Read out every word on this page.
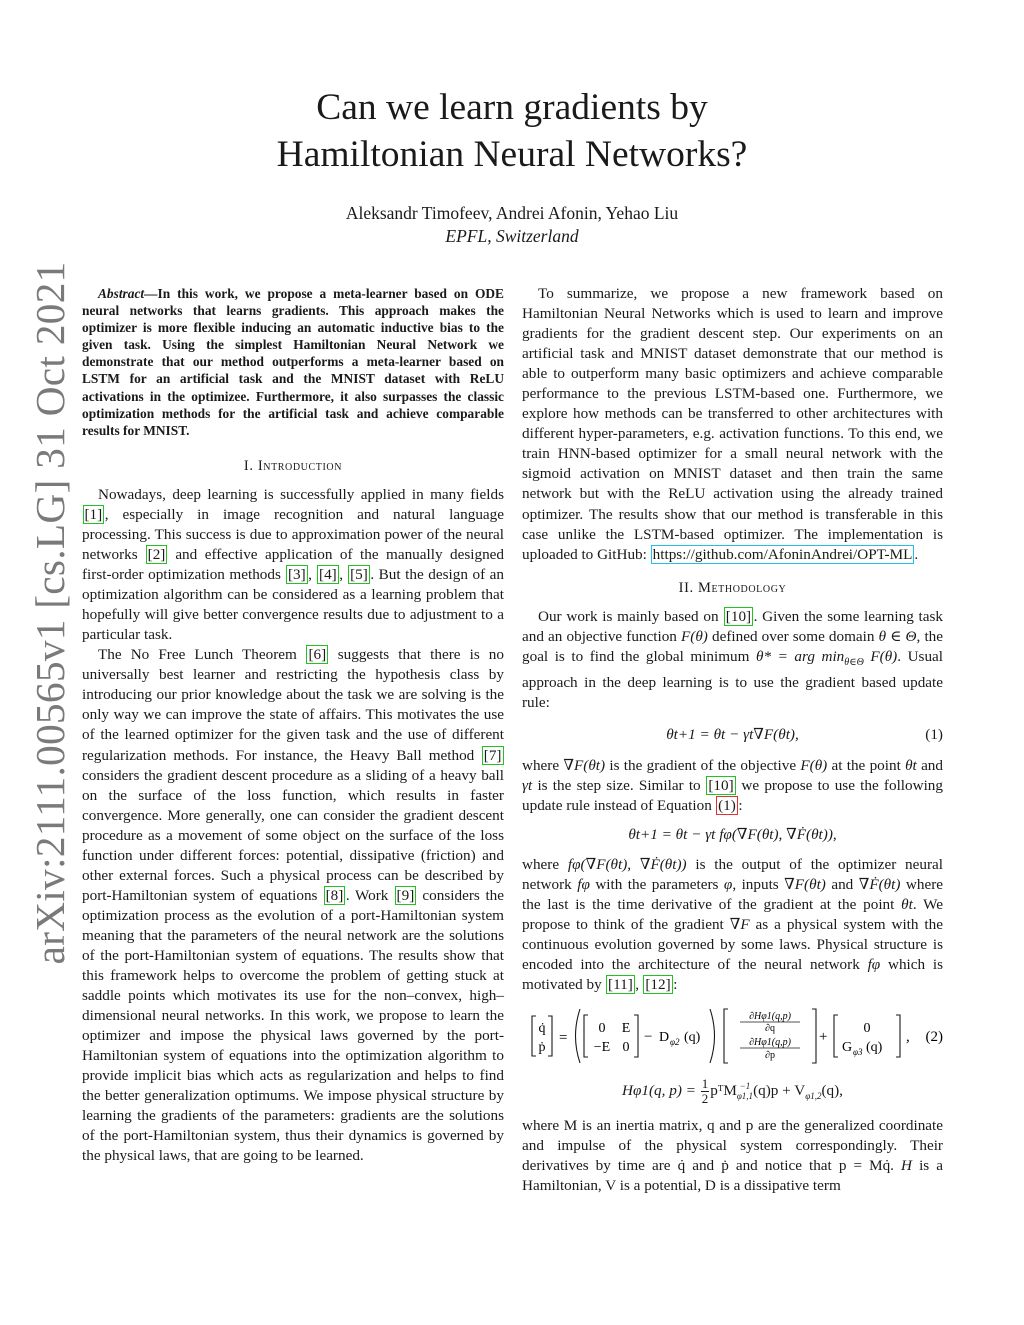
arXiv:2111.00565v1 [cs.LG] 31 Oct 2021
Can we learn gradients by
Hamiltonian Neural Networks?
Aleksandr Timofeev, Andrei Afonin, Yehao Liu
EPFL, Switzerland

Abstract—In this work, we propose a meta-learner based on ODE neural networks that learns gradients. This approach makes the optimizer is more flexible inducing an automatic inductive bias to the given task. Using the simplest Hamiltonian Neural Network we demonstrate that our method outperforms a meta-learner based on LSTM for an artificial task and the MNIST dataset with ReLU activations in the optimizee. Furthermore, it also surpasses the classic optimization methods for the artificial task and achieve comparable results for MNIST.

I. Introduction

Nowadays, deep learning is successfully applied in many fields [1] , especially in image recognition and natural language processing. This success is due to approximation power of the neural networks [2] and effective application of the manually designed first-order optimization methods [3] , [4] , [5] . But the design of an optimization algorithm can be considered as a learning problem that hopefully will give better convergence results due to adjustment to a particular task.

The No Free Lunch Theorem [6] suggests that there is no universally best learner and restricting the hypothesis class by introducing our prior knowledge about the task we are solving is the only way we can improve the state of affairs. This motivates the use of the learned optimizer for the given task and the use of different regularization methods. For instance, the Heavy Ball method [7] considers the gradient descent procedure as a sliding of a heavy ball on the surface of the loss function, which results in faster convergence. More generally, one can consider the gradient descent procedure as a movement of some object on the surface of the loss function under different forces: potential, dissipative (friction) and other external forces. Such a physical process can be described by port-Hamiltonian system of equations [8] . Work [9] considers the optimization process as the evolution of a port-Hamiltonian system meaning that the parameters of the neural network are the solutions of the port-Hamiltonian system of equations. The results show that this framework helps to overcome the problem of getting stuck at saddle points which motivates its use for the non–convex, high–dimensional neural networks. In this work, we propose to learn the optimizer and impose the physical laws governed by the port-Hamiltonian system of equations into the optimization algorithm to provide implicit bias which acts as regularization and helps to find the better generalization optimums. We impose physical structure by learning the gradients of the parameters: gradients are the solutions of the port-Hamiltonian system, thus their dynamics is governed by the physical laws, that are going to be learned.

To summarize, we propose a new framework based on Hamiltonian Neural Networks which is used to learn and improve gradients for the gradient descent step. Our experiments on an artificial task and MNIST dataset demonstrate that our method is able to outperform many basic optimizers and achieve comparable performance to the previous LSTM-based one. Furthermore, we explore how methods can be transferred to other architectures with different hyper-parameters, e.g. activation functions. To this end, we train HNN-based optimizer for a small neural network with the sigmoid activation on MNIST dataset and then train the same network but with the ReLU activation using the already trained optimizer. The results show that our method is transferable in this case unlike the LSTM-based optimizer. The implementation is uploaded to GitHub: https://github.com/AfoninAndrei/OPT-ML .

II. Methodology

Our work is mainly based on [10] . Given the some learning task and an objective function F(θ) defined over some domain θ ∈ Θ, the goal is to find the global minimum θ* = arg $\min_{\theta\in\Theta} F(\theta)$. Usual approach in the deep learning is to use the gradient based update rule:

θt+1 = θt − γt∇F(θt),	(1)

where ∇F(θt) is the gradient of the objective F(θ) at the point θt and γt is the step size. Similar to [10] we propose to use the following update rule instead of Equation (1) :

θt+1 = θt − γt fφ(∇F(θt), ∇Ḟ(θt)),

where fφ(∇F(θt), ∇Ḟ(θt)) is the output of the optimizer neural network fφ with the parameters φ, inputs ∇F(θt) and ∇Ḟ(θt) where the last is the time derivative of the gradient at the point θt. We propose to think of the gradient ∇F as a physical system with the continuous evolution governed by some laws. Physical structure is encoded into the architecture of the neural network fφ which is motivated by [11] , [12] :

q̇
ṗ
=
0 E
−E 0
− D φ2 (q)
∂Hφ1(q,p)
∂q
∂Hφ1(q,p)
∂p
+
0
G φ3 (q)
, (2)
Hφ1(q, $p) = \frac{1}{2}$ pᵀM −1
φ1,1 $(q)p + V_{\varphi 1,2}(q)$,

where M is an inertia matrix, q and p are the generalized coordinate and impulse of the physical system correspondingly. Their derivatives by time are q̇ and ṗ and notice that p = Mq̇. H is a Hamiltonian, V is a potential, D is a dissipative term
